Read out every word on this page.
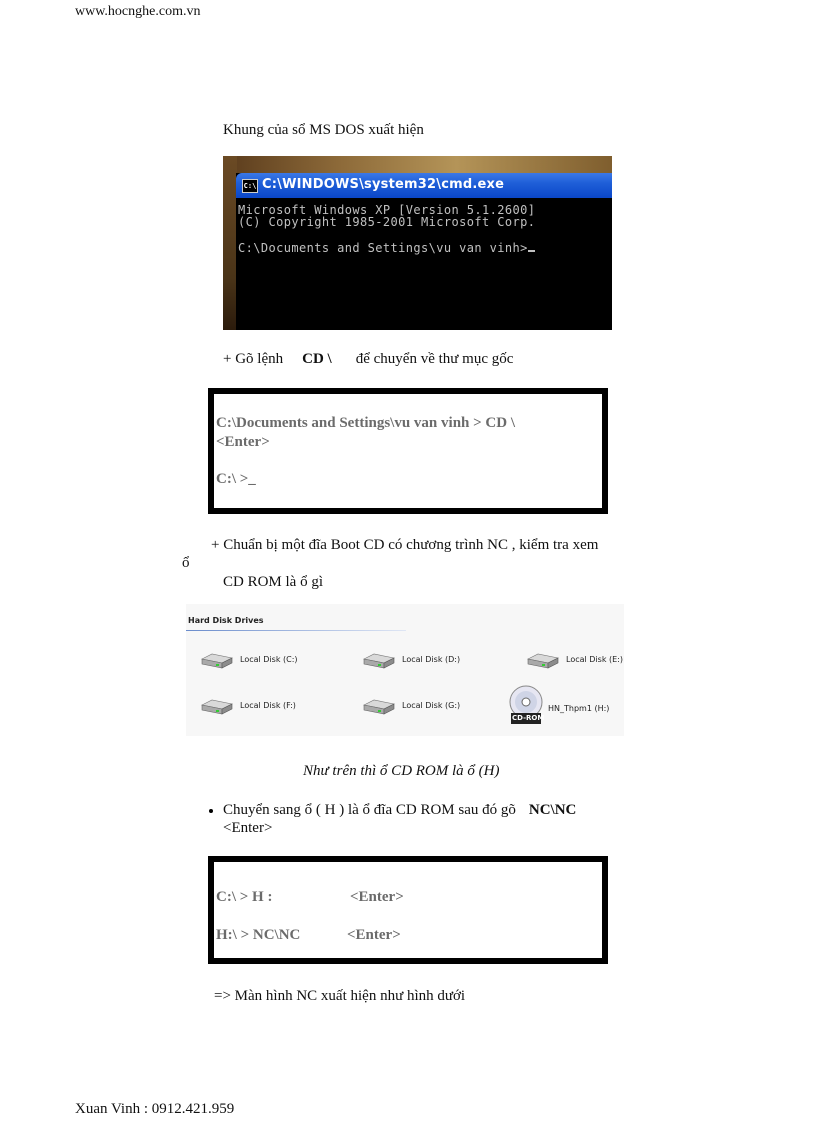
www.hocnghe.com.vn
Khung của sổ MS DOS xuất hiện
C:\ C:\WINDOWS\system32\cmd.exe
Microsoft Windows XP [Version 5.1.2600]
(C) Copyright 1985-2001 Microsoft Corp.
C:\Documents and Settings\vu van vinh>
+ Gõ lệnh CD \ để chuyển về thư mục gốc
C:\Documents and Settings\vu van vinh > CD \
<Enter>
C:\ >_
+ Chuẩn bị một đĩa Boot CD có chương trình NC , kiểm tra xem
ổ
CD ROM là ổ gì
Hard Disk Drives
Local Disk (C:)	Local Disk (D:)	Local Disk (E:)
Local Disk (F:)	Local Disk (G:)
CD-ROM
HN_Thpm1 (H:)
Như trên thì ổ CD ROM là ổ (H)
Chuyển sang ổ ( H ) là ổ đĩa CD ROM sau đó gõ NC\NC
<Enter>
C:\ > H :	<Enter>
H:\ > NC\NC	<Enter>
=> Màn hình NC xuất hiện như hình dưới
Xuan Vinh : 0912.421.959
